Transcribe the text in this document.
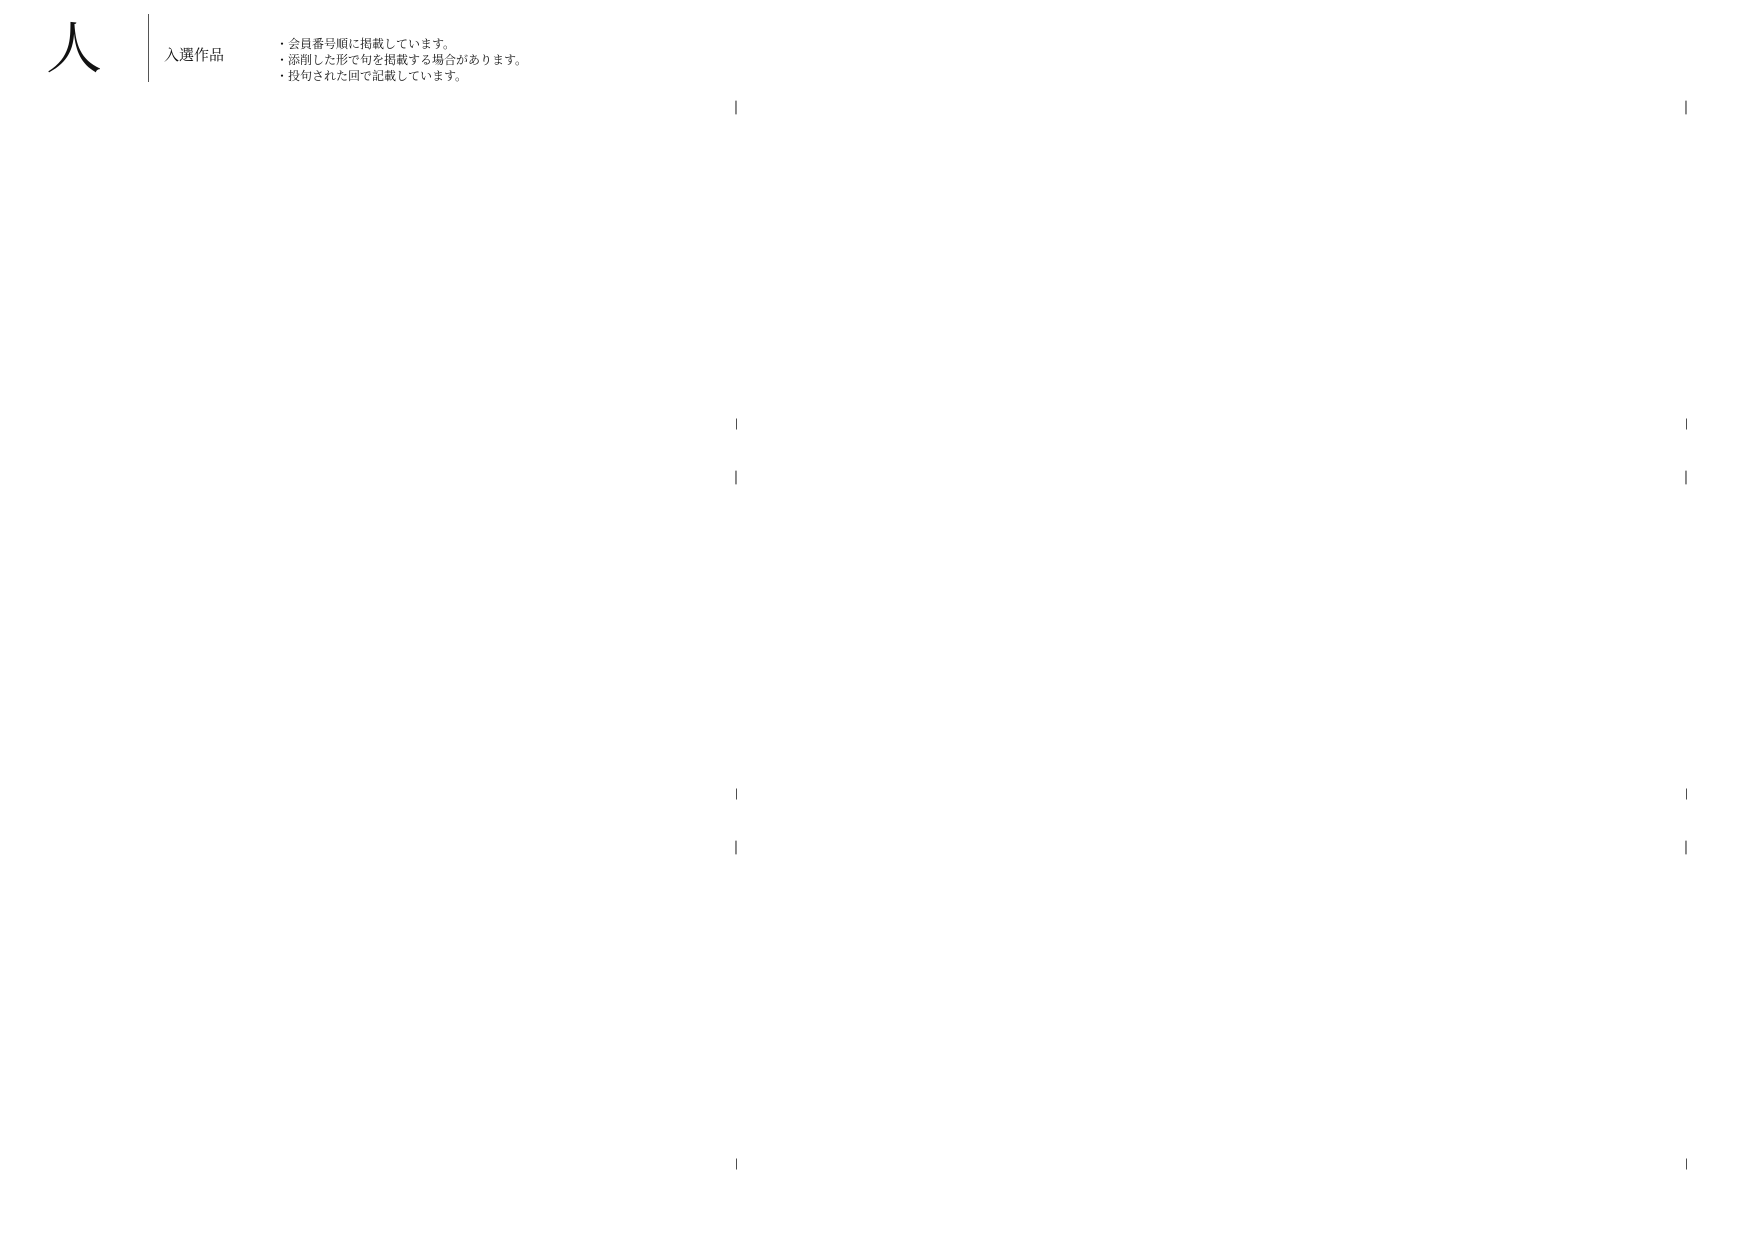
人	入選作品
・会員番号順に掲載しています。
・添削した形で句を掲載する場合があります。
・投句された回で記載しています。
—
—
—
—
—
—
—
—
—
—
—
—
